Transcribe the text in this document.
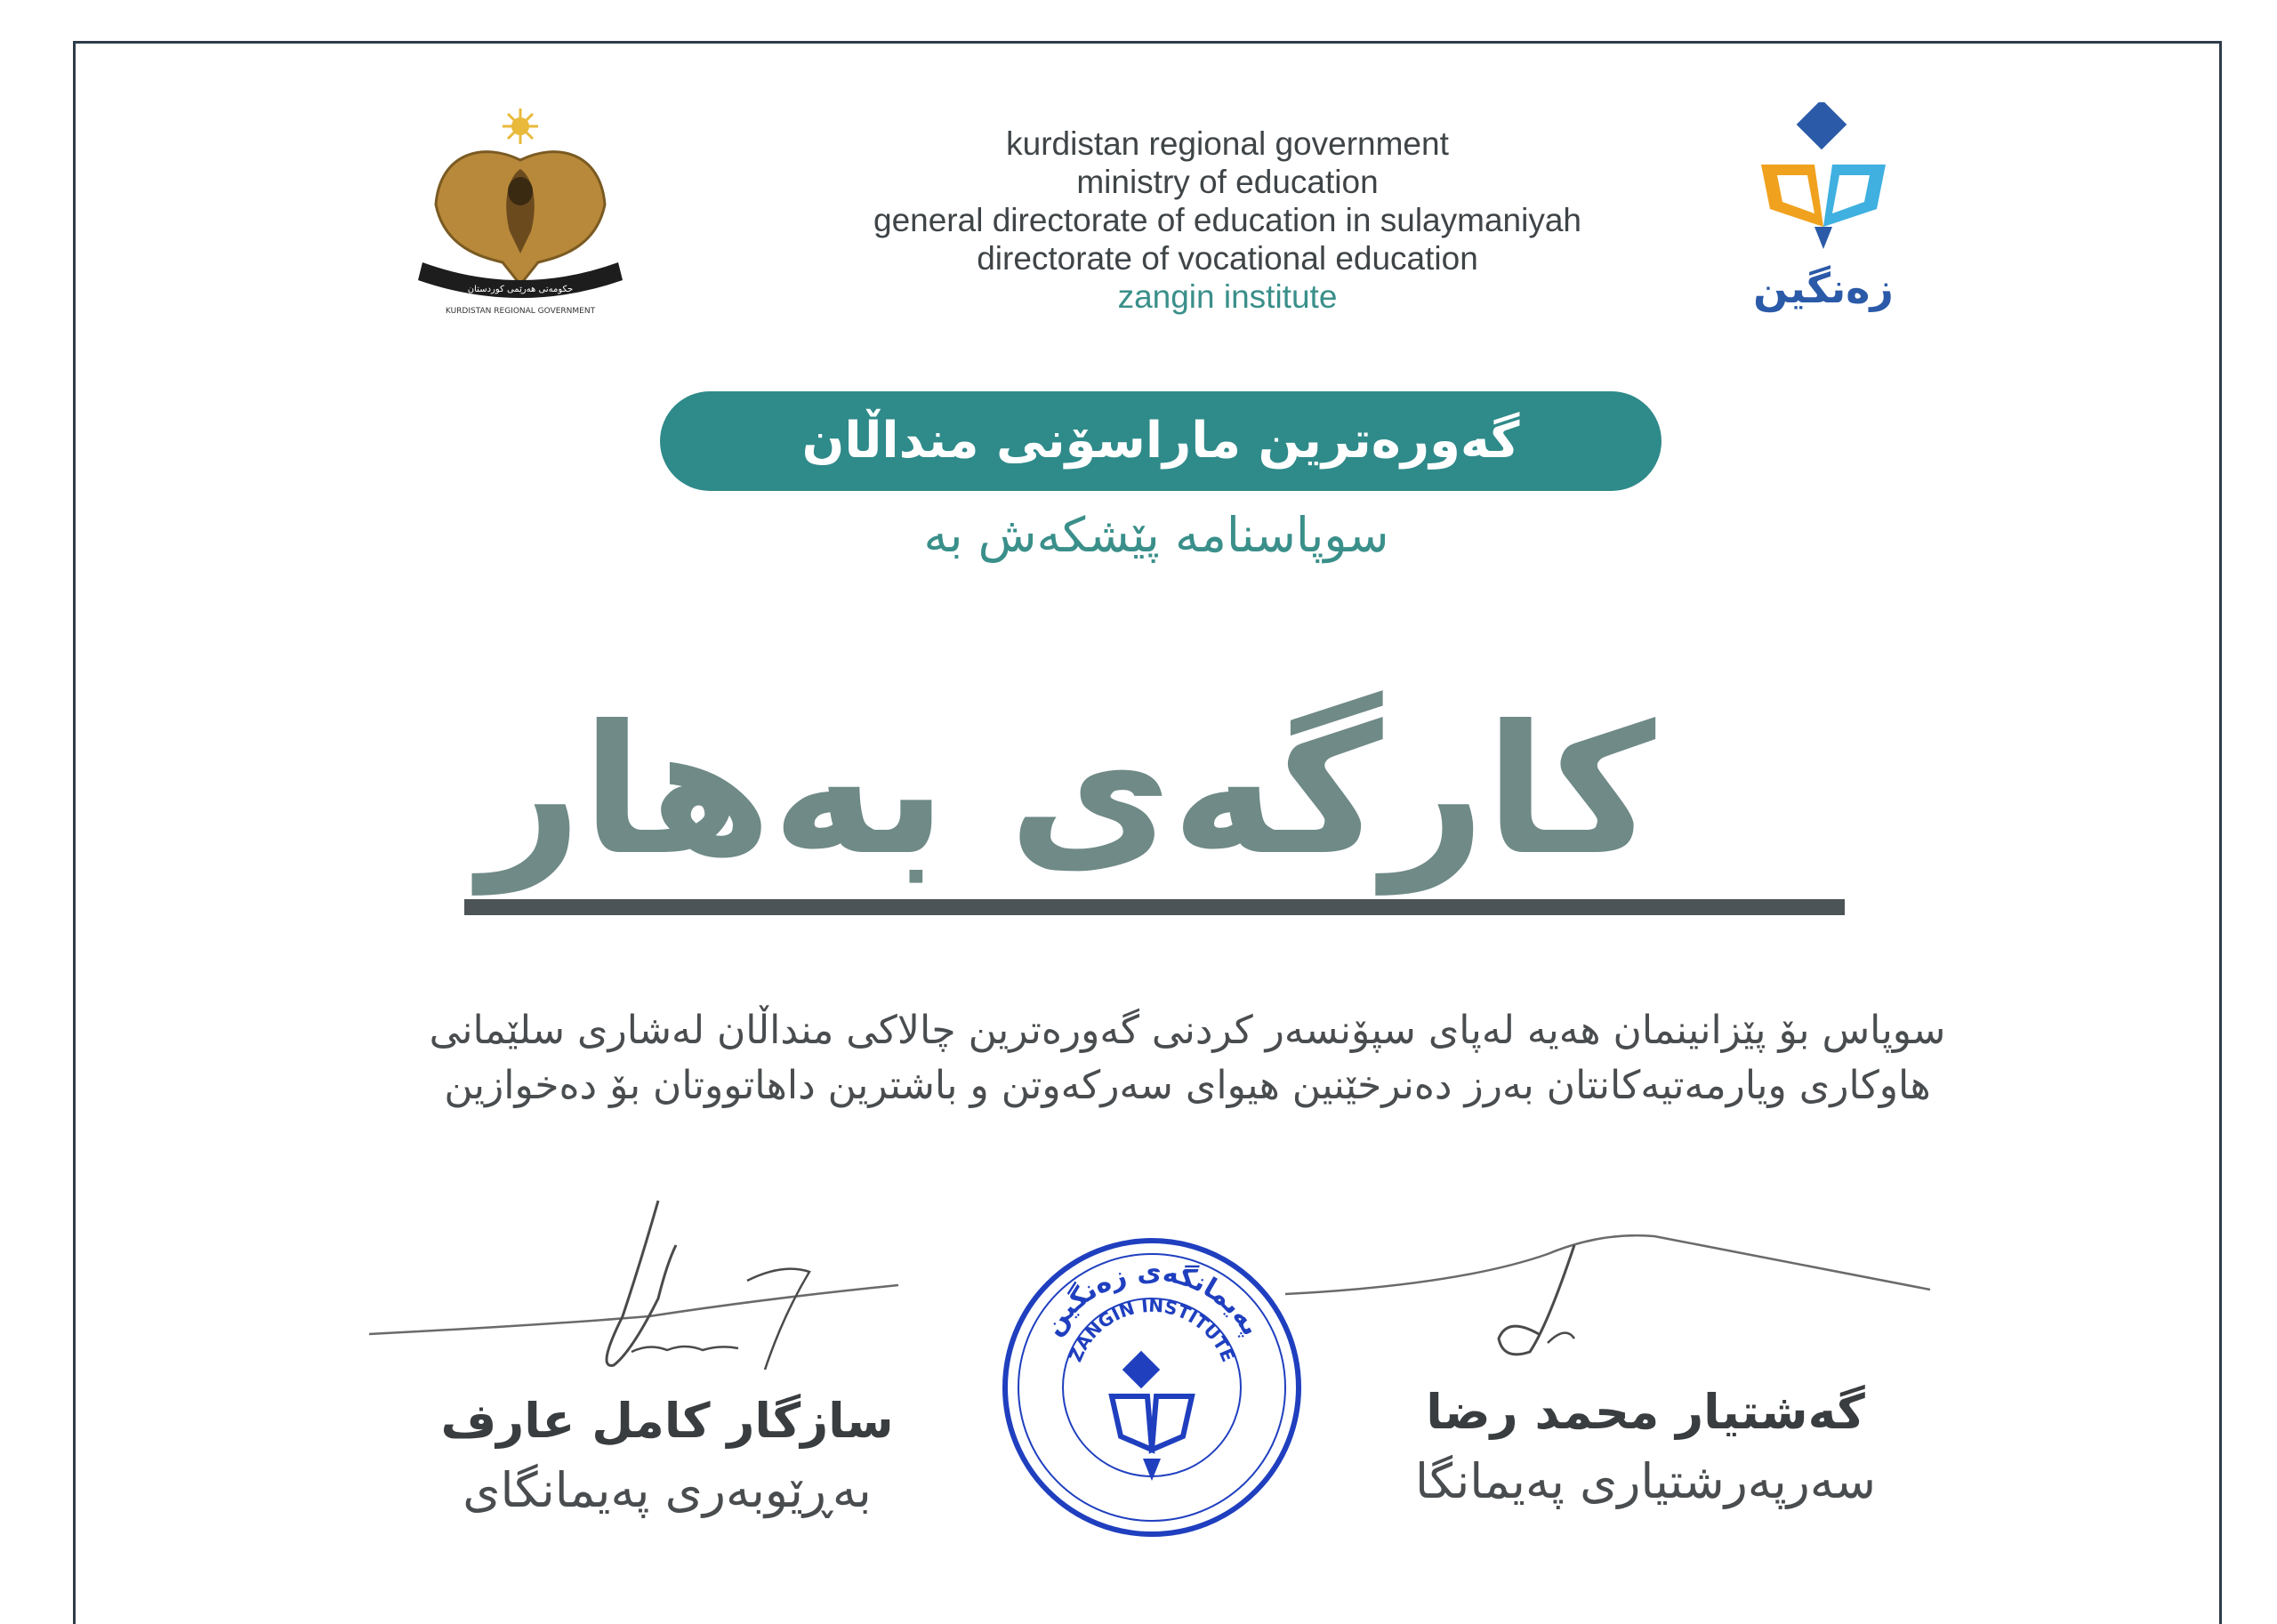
حکومەتی هەرێمی کوردستان
KURDISTAN REGIONAL GOVERNMENT
kurdistan regional government
ministry of education
general directorate of education in sulaymaniyah
directorate of vocational education
zangin institute	زەنگین
گەورەترین ماراسۆنی منداڵان
سوپاسنامە پێشکەش بە
کارگەی بەهار
سوپاس بۆ پێزانینمان هەیە لەپای سپۆنسەر کردنی گەورەترین چالاکی منداڵان لەشاری سلێمانی
هاوکاری ویارمەتیەکانتان بەرز دەنرخێنین هیوای سەرکەوتن و باشترین داهاتووتان بۆ دەخوازین
سازگار کامل عارف
بەڕێوبەری پەیمانگای
گەشتیار محمد رضا
سەرپەرشتیاری پەیمانگا
پەیمانگەی زەنگین
ZANGIN INSTITUTE
